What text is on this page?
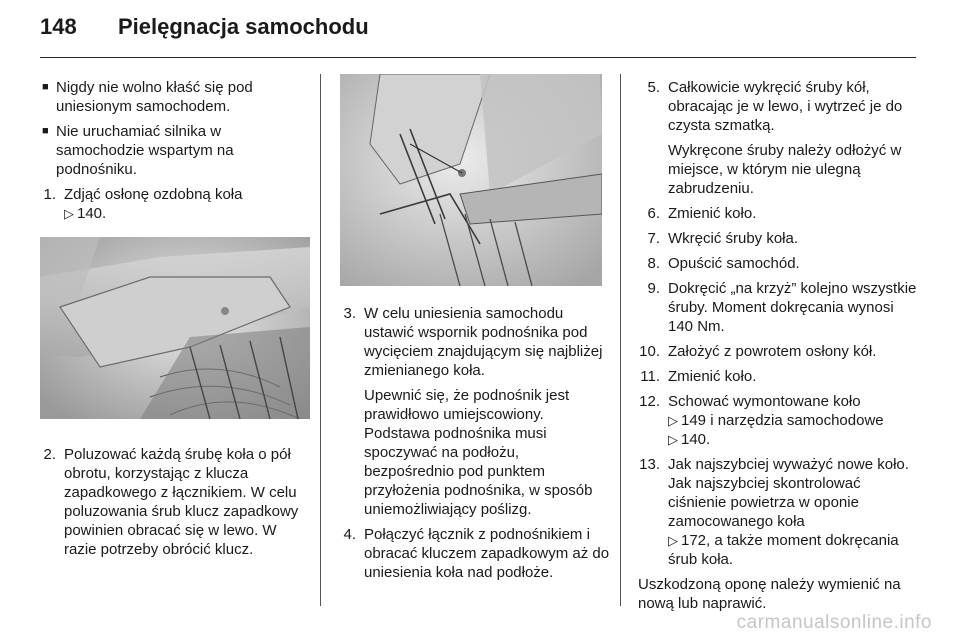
148	Pielęgnacja samochodu
■ Nigdy nie wolno kłaść się pod uniesionym samochodem.
■ Nie uruchamiać silnika w samochodzie wspartym na podnośniku.
1. Zdjąć osłonę ozdobną koła
▷ 140.
2. Poluzować każdą śrubę koła o pół obrotu, korzystając z klucza zapadkowego z łącznikiem. W celu poluzowania śrub klucz zapadkowy powinien obracać się w lewo. W razie potrzeby obrócić klucz.
3. W celu uniesienia samochodu ustawić wspornik podnośnika pod wycięciem znajdującym się najbliżej zmienianego koła.
Upewnić się, że podnośnik jest prawidłowo umiejscowiony. Podstawa podnośnika musi spoczywać na podłożu, bezpośrednio pod punktem przyłożenia podnośnika, w sposób uniemożliwiający poślizg.
4. Połączyć łącznik z podnośnikiem i obracać kluczem zapadkowym aż do uniesienia koła nad podłoże.
5. Całkowicie wykręcić śruby kół, obracając je w lewo, i wytrzeć je do czysta szmatką.
Wykręcone śruby należy odłożyć w miejsce, w którym nie ulegną zabrudzeniu.
6. Zmienić koło.
7. Wkręcić śruby koła.
8. Opuścić samochód.
9. Dokręcić „na krzyż” kolejno wszystkie śruby. Moment dokręcania wynosi 140 Nm.
10. Założyć z powrotem osłony kół.
11. Zmienić koło.
12. Schować wymontowane koło
▷ 149 i narzędzia samochodowe
▷ 140.
13. Jak najszybciej wyważyć nowe koło. Jak najszybciej skontrolować ciśnienie powietrza w oponie zamocowanego koła
▷ 172, a także moment dokręcania śrub koła.
Uszkodzoną oponę należy wymienić na nową lub naprawić.
carmanualsonline.info
